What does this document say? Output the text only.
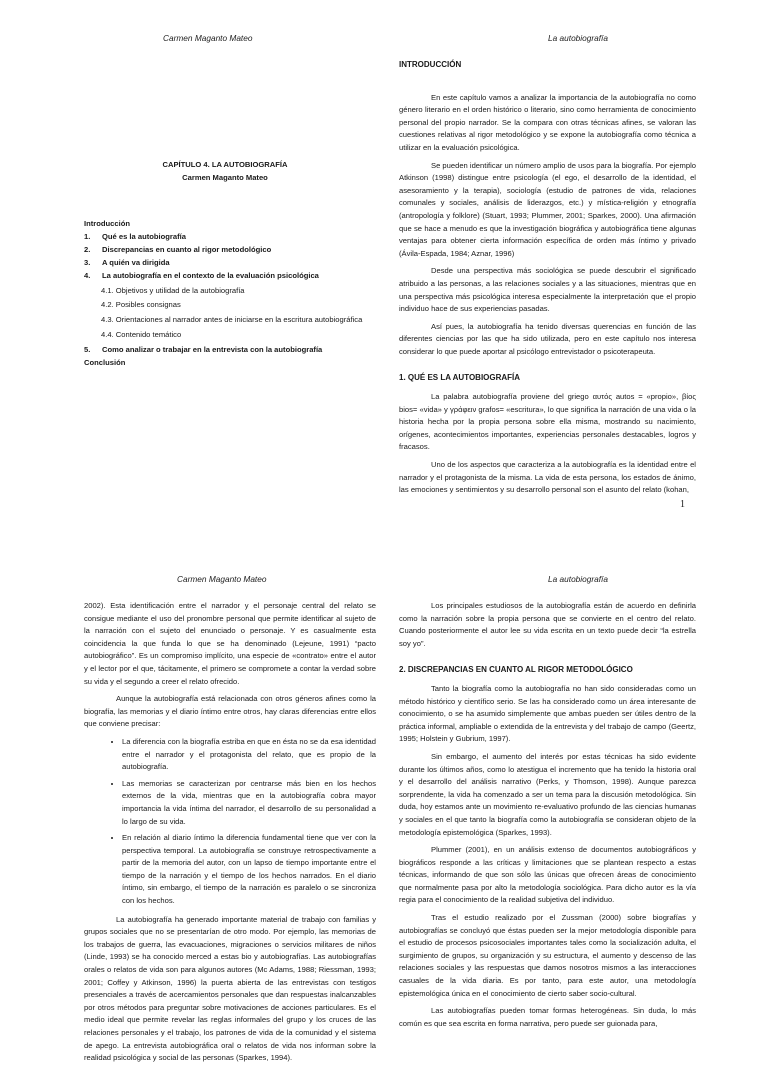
Carmen Maganto Mateo	La autobiografía
CAPÍTULO 4. LA AUTOBIOGRAFÍA
Carmen Maganto Mateo
Introducción
1.	Qué es la autobiografía
2.	Discrepancias en cuanto al rigor metodológico
3.	A quién va dirigida
4.	La autobiografía en el contexto de la evaluación psicológica
4.1. Objetivos y utilidad de la autobiografía
4.2. Posibles consignas
4.3. Orientaciones al narrador antes de iniciarse en la escritura autobiográfica
4.4. Contenido temático
5.	Como analizar o trabajar en la entrevista con la autobiografía
Conclusión
INTRODUCCIÓN

En este capítulo vamos a analizar la importancia de la autobiografía no como género literario en el orden histórico o literario, sino como herramienta de conocimiento personal del propio narrador. Se la compara con otras técnicas afines, se valoran las cuestiones relativas al rigor metodológico y se expone la autobiografía como técnica a utilizar en la evaluación psicológica.

Se pueden identificar un número amplio de usos para la biografía. Por ejemplo Atkinson (1998) distingue entre psicología (el ego, el desarrollo de la identidad, el asesoramiento y la terapia), sociología (estudio de patrones de vida, relaciones comunales y sociales, análisis de liderazgos, etc.) y mística-religión y etnografía (antropología y folklore) (Stuart, 1993; Plummer, 2001; Sparkes, 2000). Una afirmación que se hace a menudo es que la investigación biográfica y autobiográfica tiene algunas ventajas para obtener cierta información específica de orden más íntimo y privado (Ávila-Espada, 1984; Aznar, 1996)

Desde una perspectiva más sociológica se puede descubrir el significado atribuido a las personas, a las relaciones sociales y a las situaciones, mientras que en una perspectiva más psicológica interesa especialmente la interpretación que el propio individuo hace de sus experiencias pasadas.

Así pues, la autobiografía ha tenido diversas querencias en función de las diferentes ciencias por las que ha sido utilizada, pero en este capítulo nos interesa considerar lo que puede aportar al psicólogo entrevistador o psicoterapeuta.

1. QUÉ ES LA AUTOBIOGRAFÍA

La palabra autobiografía proviene del griego αυτός autos = «propio», βίος bios= «vida» y γράφειν grafos= «escritura», lo que significa la narración de una vida o la historia hecha por la propia persona sobre ella misma, mostrando su nacimiento, orígenes, acontecimientos importantes, experiencias personales destacables, logros y fracasos.

Uno de los aspectos que caracteriza a la autobiografía es la identidad entre el narrador y el protagonista de la misma. La vida de esta persona, los estados de ánimo, las emociones y sentimientos y su desarrollo personal son el asunto del relato (kohan,

1
Carmen Maganto Mateo	La autobiografía

2002). Esta identificación entre el narrador y el personaje central del relato se consigue mediante el uso del pronombre personal que permite identificar al sujeto de la narración con el sujeto del enunciado o personaje. Y es casualmente esta coincidencia la que funda lo que se ha denominado (Lejeune, 1991) “pacto autobiográfico”. Es un compromiso implícito, una especie de «contrato» entre el autor y el lector por el que, tácitamente, el primero se compromete a contar la verdad sobre su vida y el segundo a creer el relato ofrecido.

Aunque la autobiografía está relacionada con otros géneros afines como la biografía, las memorias y el diario íntimo entre otros, hay claras diferencias entre ellos que conviene precisar:

• La diferencia con la biografía estriba en que en ésta no se da esa identidad entre el narrador y el protagonista del relato, que es propio de la autobiografía.
• Las memorias se caracterizan por centrarse más bien en los hechos externos de la vida, mientras que en la autobiografía cobra mayor importancia la vida íntima del narrador, el desarrollo de su personalidad a lo largo de su vida.
• En relación al diario íntimo la diferencia fundamental tiene que ver con la perspectiva temporal. La autobiografía se construye retrospectivamente a partir de la memoria del autor, con un lapso de tiempo importante entre el tiempo de la narración y el tiempo de los hechos narrados. En el diario íntimo, sin embargo, el tiempo de la narración es paralelo o se sincroniza con los hechos.

La autobiografía ha generado importante material de trabajo con familias y grupos sociales que no se presentarían de otro modo. Por ejemplo, las memorias de los trabajos de guerra, las evacuaciones, migraciones o servicios militares de niños (Linde, 1993) se ha conocido merced a estas bio y autobiografías. Las autobiografías orales o relatos de vida son para algunos autores (Mc Adams, 1988; Riessman, 1993; 2001; Coffey y Atkinson, 1996) la puerta abierta de las entrevistas con testigos presenciales a través de acercamientos personales que dan respuestas inalcanzables por otros métodos para preguntar sobre motivaciones de acciones particulares. Es el medio ideal que permite revelar las reglas informales del grupo y los cruces de las relaciones personales y el trabajo, los patrones de vida de la comunidad y el sistema de apego. La entrevista autobiográfica oral o relatos de vida nos informan sobre la realidad psicológica y social de las personas (Sparkes, 1994).

Los principales estudiosos de la autobiografía están de acuerdo en definirla como la narración sobre la propia persona que se convierte en el centro del relato. Cuando posteriormente el autor lee su vida escrita en un texto puede decir “la estrella soy yo”.

2. DISCREPANCIAS EN CUANTO AL RIGOR METODOLÓGICO

Tanto la biografía como la autobiografía no han sido consideradas como un método histórico y científico serio. Se las ha considerado como un área interesante de conocimiento, o se ha asumido simplemente que ambas pueden ser útiles dentro de la práctica informal, ampliable o extendida de la entrevista y del trabajo de campo (Geertz, 1995; Holstein y Gubrium, 1997).

Sin embargo, el aumento del interés por estas técnicas ha sido evidente durante los últimos años, como lo atestigua el incremento que ha tenido la historia oral y el desarrollo del análisis narrativo (Perks, y Thomson, 1998). Aunque parezca sorprendente, la vida ha comenzado a ser un tema para la discusión metodológica. Sin duda, hoy estamos ante un movimiento re-evaluativo profundo de las ciencias humanas y sociales en el que tanto la biografía como la autobiografía se consideran objeto de la metodología epistemológica (Sparkes, 1993).

Plummer (2001), en un análisis extenso de documentos autobiográficos y biográficos responde a las críticas y limitaciones que se plantean respecto a estas técnicas, informando de que son sólo las únicas que ofrecen áreas de conocimiento que normalmente pasa por alto la metodología sociológica. Para dicho autor es la vía regia para el conocimiento de la realidad subjetiva del individuo.

Tras el estudio realizado por el Zussman (2000) sobre biografías y autobiografías se concluyó que éstas pueden ser la mejor metodología disponible para el estudio de procesos psicosociales importantes tales como la socialización adulta, el surgimiento de grupos, su organización y su estructura, el aumento y descenso de las relaciones sociales y las respuestas que damos nosotros mismos a las interacciones casuales de la vida diaria. Es por tanto, para este autor, una metodología epistemológica única en el conocimiento de cierto saber socio-cultural.

Las autobiografías pueden tomar formas heterogéneas. Sin duda, lo más común es que sea escrita en forma narrativa, pero puede ser guionada para,
